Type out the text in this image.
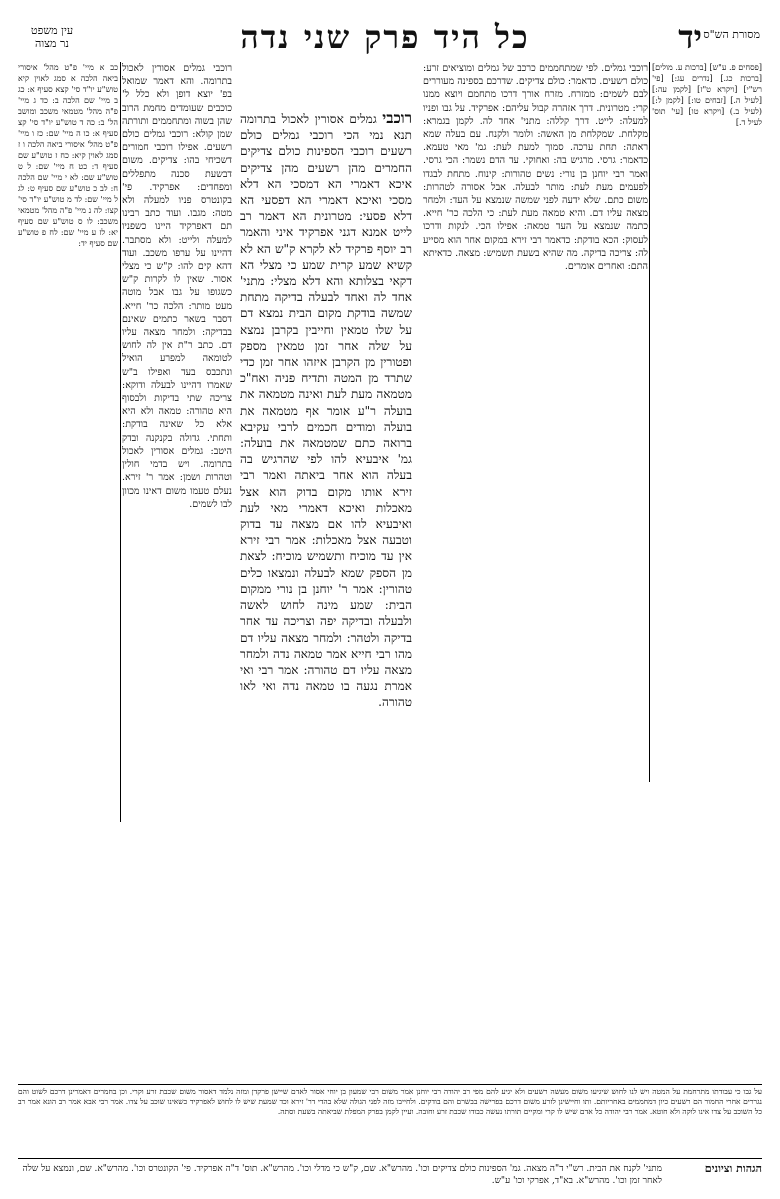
עין משפט
נר מצוה	כל היד פרק שני נדה	יד מסורת הש"ס

[פסחים פ. ע"ש] [ברכות ע. מולים] [ברכות כג.] [נדרים עג:] [פי' רש"י] [ויקרא ט"ז] [לקמן עה:] [לעיל ה.] [זבחים טו:] [לקמן ל:] (לעיל ב.) [ויקרא טו] [עי' תוס' לעיל ד.]

רוכבי גמלים. לפי שמתחממים כרכב של גמלים ומוציאים זרע: כולם רשעים. כדאמר: כולם צדיקים. שדרכם בספינה מעוררים לבם לשמים: ממזרח. מזרח אורך דרכו מתחמם ויוצא ממנו קרי: מטרונית. דרך אזהרה קבול עליהם: אפרקיד. על גבו ופניו למעלה: לייט. דרך קללה: מתני' אחד לה. לקמן בגמרא: מקלחת. שמקלחת מן האשה: ולומר ולקנח. עם בעלה שמא ראתה: תחת ערכה. סמוך למעת לעת: גמ' מאי טעמא. כדאמר: גרסי. מרגיש בה: ואחוקי. עד הדם נשמר: הכי גרסי. ואמר רבי יוחנן בן נורי: נשים טהורות: קינוח. מתחת לבגדו לפעמים מעת לעת: מותר לבעלה. אבל אסורה לטהרות: משום כתם. שלא ידעה לפני שמשה שנמצא על העד: ולמחר מצאה עליו דם. והיא טמאה מעת לעת: כי הלכה כר' חייא. כתמה שנמצא על העד טמאה: אפילו הכי. לנקות ודרכו לעסוק: הכא בודקת: כדאמר רבי זירא במקום אחר הוא מסייע לה: צריכה בדיקה. מה שהיא בשעת תשמיש: מצאה. כדאיתא התם: ואחרים אומרים.

רוכבי גמלים אסורין לאכול בתרומה תנא נמי הכי רוכבי גמלים כולם רשעים רוכבי הספינות כולם צדיקים החמרים מהן רשעים מהן צדיקים איכא דאמרי הא דמסכי הא דלא מסכי ואיכא דאמרי הא דפסעי הא דלא פסעי: מטרונית הא דאמר רב לייט אמנא דגני אפרקיד איני והאמר רב יוסף פרקיד לא לקרא ק"ש הא לא קשיא שמע קרית שמע כי מצלי הא דקאי בצלותא והא דלא מצלי: מתני' אחד לה ואחד לבעלה בדיקה מתחת שמשה בודקת מקום הבית נמצא דם על שלו טמאין וחייבין בקרבן נמצא על שלה אחר זמן טמאין מספק ופטורין מן הקרבן איזהו אחר זמן כדי שתרד מן המטה ותדיח פניה ואח"כ מטמאה מעת לעת ואינה מטמאה את בועלה ר"ע אומר אף מטמאה את בועלה ומודים חכמים לרבי עקיבא ברואה כתם שמטמאה את בועלה: גמ' איבעיא להו לפי שהרגיש בה בעלה הוא אחר ביאתה ואמר רבי זירא אותו מקום בדוק הוא אצל מאכלות ואיכא דאמרי מאי לעת ואיבעיא להו אם מצאה עד בדוק וטבעה אצל מאכלות: אמר רבי זירא אין עד מוכיח ותשמיש מוכיח: לצאת מן הספק שמא לבעלה ונמצאו כלים טהורין: אמר ר' יוחנן בן נורי ממקום הבית: שמע מינה לחוש לאשה ולבעלה ובדיקה יפה וצריכה עד אחר בדיקה ולטהר: ולמחר מצאה עליו דם מהו רבי חייא אמר טמאה נדה ולמחר מצאה עליו דם טהורה: אמר רבי ואי אמרת נגעה בו טמאה נדה ואי לאו טהורה.

רוכבי גמלים אסורין לאכול בתרומה. והא דאמר שמואל בפ' יוצא דופן ולא כלל ל' כוכבים שעומדים מחמת הרוב שהן בשוה ומתחממים ותורתה שמן קולא: רוכבי גמלים כולם רשעים. אפילו רוכבי חמורים דשכיחי בהו: צדיקים. משום דבשעת סכנה מתפללים ומפחדים: אפרקיד. פי' בקונטרס פניו למעלה ולא מטה: מגבו. ועוד כתב רבינו תם דאפרקיד היינו כשפניו למעלה ולייט: ולא מסתבר. דהיינו על ערפו משכב. ועוד דהא קים להו: ק"ש כי מצלי אסור. שאין לו לקרות ק"ש כשגופו על גבו אבל מוטה מעט מותר: הלכה כר' חייא. דסבר בשאר כתמים שאינם בבדיקה: ולמחר מצאה עליו דם. כתב ר"ת אין לה לחוש לטומאה למפרע הואיל ונתכבס בעד ואפילו ב"ש שאמרו דהיינו לבעלה ודוקא: צריכה שתי בדיקות ולבסוף היא טהורה: טמאה ולא היא אלא כל שאינה בודקת: ותחתי. גדולה בקנקנה ובדק היטב: גמלים אסורין לאכול בתרומה. ויש בדמי חולין וטהרות ושמן: אמר ר' זירא. נעלם טעמו משום דאינו מכוון לבו לשמים.

כב א מיי' פ"ט מהל' איסורי ביאה הלכה א סמג לאוין קיא טוש"ע יו"ד סי' קצא סעיף א: כג ב מיי' שם הלכה ב: כד ג מיי' פ"ה מהל' מטמאי משכב ומושב הל' ב: כה ד טוש"ע יו"ד סי' קצ סעיף א: כו ה מיי' שם: כז ו מיי' פ"ט מהל' איסורי ביאה הלכה ו ז סמג לאוין קיא: כח ז טוש"ע שם סעיף ד: כט ח מיי' שם: ל ט טוש"ע שם: לא י מיי' שם הלכה ח: לב כ טוש"ע שם סעיף ט: לג ל מיי' שם: לד מ טוש"ע יו"ד סי' קצו: לה נ מיי' פ"ה מהל' מטמאי משכב: לו ס טוש"ע שם סעיף יא: לז ע מיי' שם: לח פ טוש"ע שם סעיף יד:

על גבו כי עבודתו מתרחמת על המטה ויש לנו לחוש שיגיעו משום מעשה רשעים ולא יגיע להם מפי רב יהודה רבי יוחנן אמר משום רבי שמעון בן יוחי אסור לאדם שיישן פרקדן ומזה נלמד דאסור משום שכבת זרע וקרי. וכן בחמרים דאמרינן דרכם לשוט והם נגררים אחרי החמור הם רשעים כיון דמחממים באחריותם. ותו וחיישינן לזרע משום דרכם בפרישה בבשרם והם בודקים. ולחייבו מזה לפני הגולה שלא בהדי דר' זירא וכד שמעת שיש לו לחוש לאפרקיד כשאינו שוכב על צדו. אמר רבי אבא אמר רב הונא אמר רב כל השוכב על צדו אינו לוקה ולא חוטא. אמר רבי יהודה כל אדם שיש לו קרי ומקיים תורתו נעשה כבודו שכבת זרע וחובה. ועיין לקמן בפרק המפלת שביאתה בשעת וסתה.

הגהות וציונים
מתני' לקנח את הבית. רש"י ד"ה מצאה. גמ' הספינות כולם צדיקים וכו'. מהרש"א. שם, ק"ש כי מדלי וכו'. מהרש"א. תוס' ד"ה אפרקיד. פי' הקונטרס וכו'. מהרש"א. שם, ונמצא על שלה לאחר זמן וכו'. מהרש"א. בא"ד, אפרקי וכו' ע"ש.
